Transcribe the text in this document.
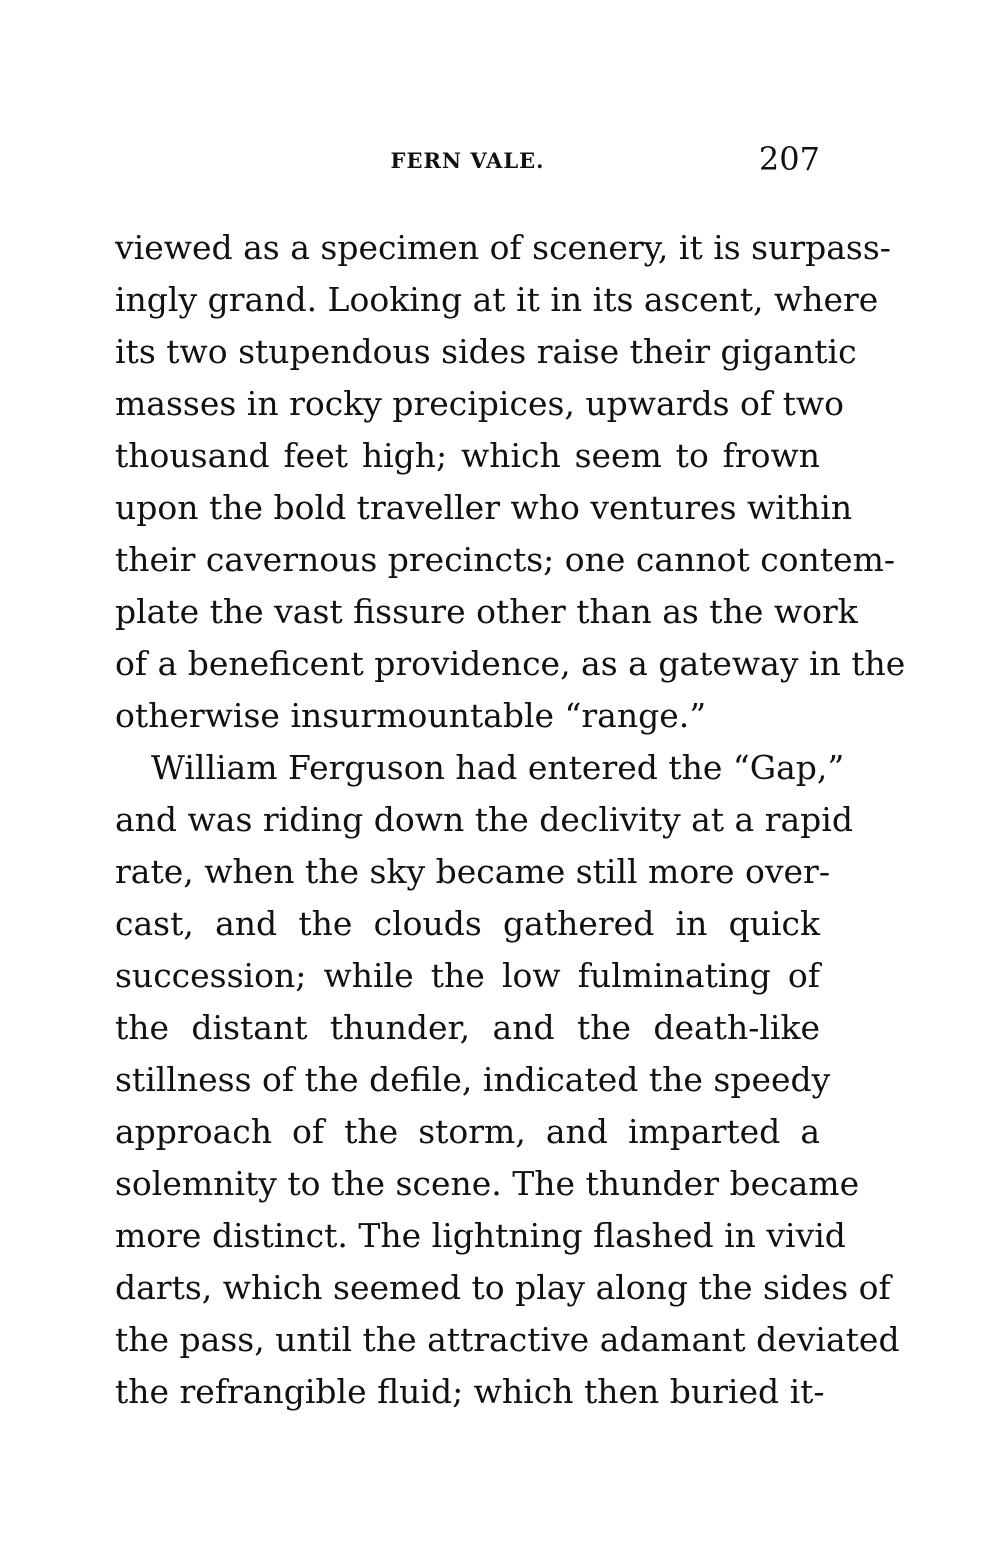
FERN VALE.	207
viewed as a specimen of scenery, it is surpass-
ingly grand. Looking at it in its ascent, where
its two stupendous sides raise their gigantic
masses in rocky precipices, upwards of two
thousand feet high; which seem to frown
upon the bold traveller who ventures within
their cavernous precincts; one cannot contem-
plate the vast fissure other than as the work
of a beneficent providence, as a gateway in the
otherwise insurmountable “range.”
William Ferguson had entered the “Gap,”
and was riding down the declivity at a rapid
rate, when the sky became still more over-
cast, and the clouds gathered in quick
succession; while the low fulminating of
the distant thunder, and the death-like
stillness of the defile, indicated the speedy
approach of the storm, and imparted a
solemnity to the scene. The thunder became
more distinct. The lightning flashed in vivid
darts, which seemed to play along the sides of
the pass, until the attractive adamant deviated
the refrangible fluid; which then buried it-
